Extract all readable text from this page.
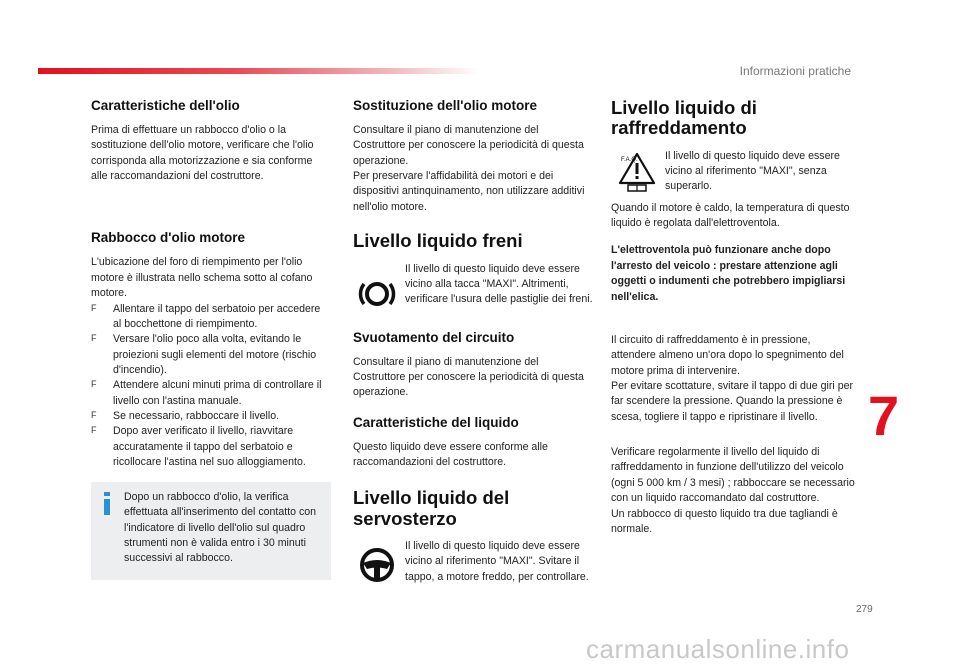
Informazioni pratiche
7
279
carmanualsonline.info
Caratteristiche dell'olio

Prima di effettuare un rabbocco d'olio o la sostituzione dell'olio motore, verificare che l'olio corrisponda alla motorizzazione e sia conforme alle raccomandazioni del costruttore.

Rabbocco d'olio motore

L'ubicazione del foro di riempimento per l'olio motore è illustrata nello schema sotto al cofano motore.

F Allentare il tappo del serbatoio per accedere al bocchettone di riempimento.
F Versare l'olio poco alla volta, evitando le proiezioni sugli elementi del motore (rischio d'incendio).
F Attendere alcuni minuti prima di controllare il livello con l'astina manuale.
F Se necessario, rabboccare il livello.
F Dopo aver verificato il livello, riavvitare accuratamente il tappo del serbatoio e ricollocare l'astina nel suo alloggiamento.

Dopo un rabbocco d'olio, la verifica effettuata all'inserimento del contatto con l'indicatore di livello dell'olio sul quadro strumenti non è valida entro i 30 minuti successivi al rabbocco.

Sostituzione dell'olio motore

Consultare il piano di manutenzione del Costruttore per conoscere la periodicità di questa operazione.
Per preservare l'affidabilità dei motori e dei dispositivi antinquinamento, non utilizzare additivi nell'olio motore.

Livello liquido freni

Il livello di questo liquido deve essere vicino alla tacca "MAXI". Altrimenti, verificare l'usura delle pastiglie dei freni.

Svuotamento del circuito

Consultare il piano di manutenzione del Costruttore per conoscere la periodicità di questa operazione.

Caratteristiche del liquido

Questo liquido deve essere conforme alle raccomandazioni del costruttore.

Livello liquido del servosterzo

Il livello di questo liquido deve essere vicino al riferimento "MAXI". Svitare il tappo, a motore freddo, per controllare.

Livello liquido di raffreddamento
F.A.Q.	Il livello di questo liquido deve essere vicino al riferimento "MAXI", senza superarlo.

Quando il motore è caldo, la temperatura di questo liquido è regolata dall'elettroventola.

L'elettroventola può funzionare anche dopo l'arresto del veicolo : prestare attenzione agli oggetti o indumenti che potrebbero impigliarsi nell'elica.

Il circuito di raffreddamento è in pressione, attendere almeno un'ora dopo lo spegnimento del motore prima di intervenire.
Per evitare scottature, svitare il tappo di due giri per far scendere la pressione. Quando la pressione è scesa, togliere il tappo e ripristinare il livello.

Verificare regolarmente il livello del liquido di raffreddamento in funzione dell'utilizzo del veicolo (ogni 5 000 km / 3 mesi) ; rabboccare se necessario con un liquido raccomandato dal costruttore.
Un rabbocco di questo liquido tra due tagliandi è normale.
